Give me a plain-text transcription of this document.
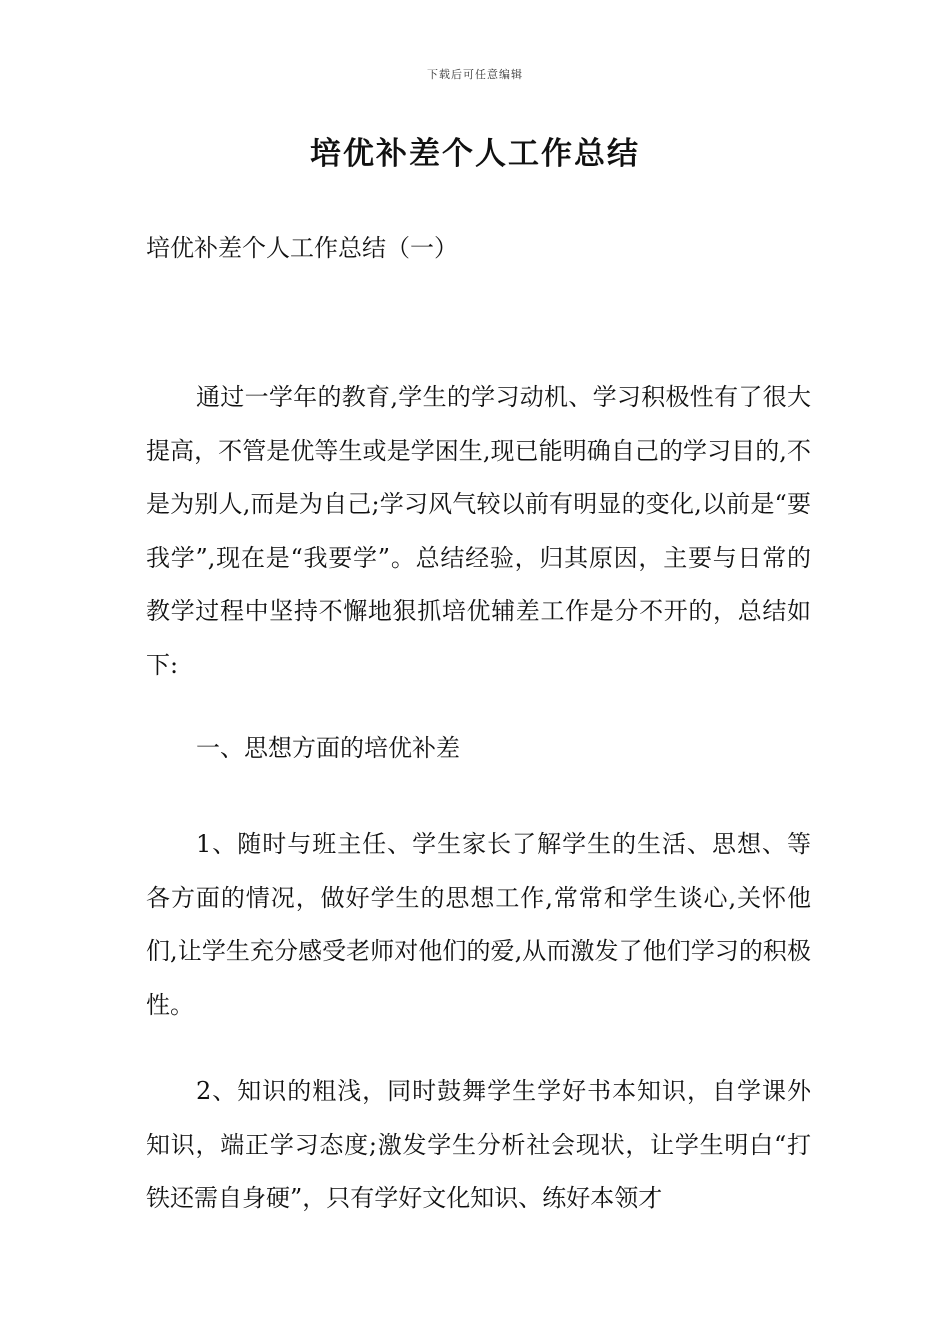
下载后可任意编辑
培优补差个人工作总结

培优补差个人工作总结（一）

通过一学年的教育,学生的学习动机、学习积极性有了很大提高，不管是优等生或是学困生,现已能明确自己的学习目的,不是为别人,而是为自己;学习风气较以前有明显的变化,以前是“要我学”,现在是“我要学”。总结经验，归其原因，主要与日常的教学过程中坚持不懈地狠抓培优辅差工作是分不开的，总结如下:

一、思想方面的培优补差

1、随时与班主任、学生家长了解学生的生活、思想、等各方面的情况，做好学生的思想工作,常常和学生谈心,关怀他们,让学生充分感受老师对他们的爱,从而激发了他们学习的积极性。

2、知识的粗浅，同时鼓舞学生学好书本知识，自学课外知识，端正学习态度;激发学生分析社会现状，让学生明白“打铁还需自身硬”，只有学好文化知识、练好本领才
